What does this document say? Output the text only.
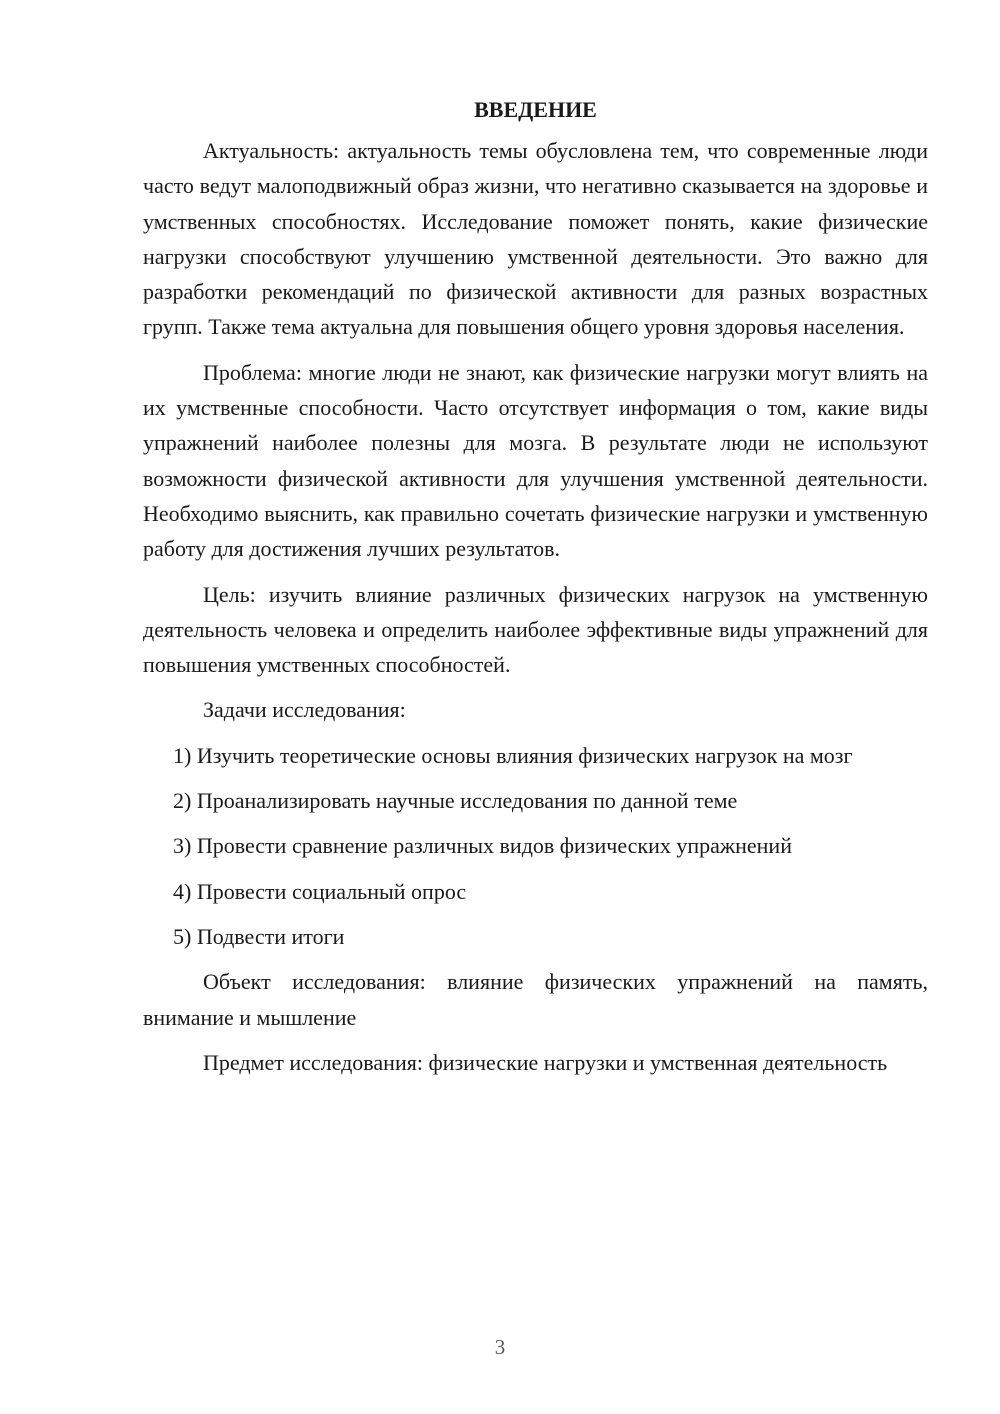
ВВЕДЕНИЕ

Актуальность: актуальность темы обусловлена тем, что современные люди часто ведут малоподвижный образ жизни, что негативно сказывается на здоровье и умственных способностях. Исследование поможет понять, какие физические нагрузки способствуют улучшению умственной деятельности. Это важно для разработки рекомендаций по физической активности для разных возрастных групп. Также тема актуальна для повышения общего уровня здоровья населения.

Проблема: многие люди не знают, как физические нагрузки могут влиять на их умственные способности. Часто отсутствует информация о том, какие виды упражнений наиболее полезны для мозга. В результате люди не используют возможности физической активности для улучшения умственной деятельности. Необходимо выяснить, как правильно сочетать физические нагрузки и умственную работу для достижения лучших результатов.

Цель: изучить влияние различных физических нагрузок на умственную деятельность человека и определить наиболее эффективные виды упражнений для повышения умственных способностей.

Задачи исследования:

1) Изучить теоретические основы влияния физических нагрузок на мозг

2) Проанализировать научные исследования по данной теме

3) Провести сравнение различных видов физических упражнений

4) Провести социальный опрос

5) Подвести итоги

Объект исследования: влияние физических упражнений на память, внимание и мышление

Предмет исследования: физические нагрузки и умственная деятельность

3
